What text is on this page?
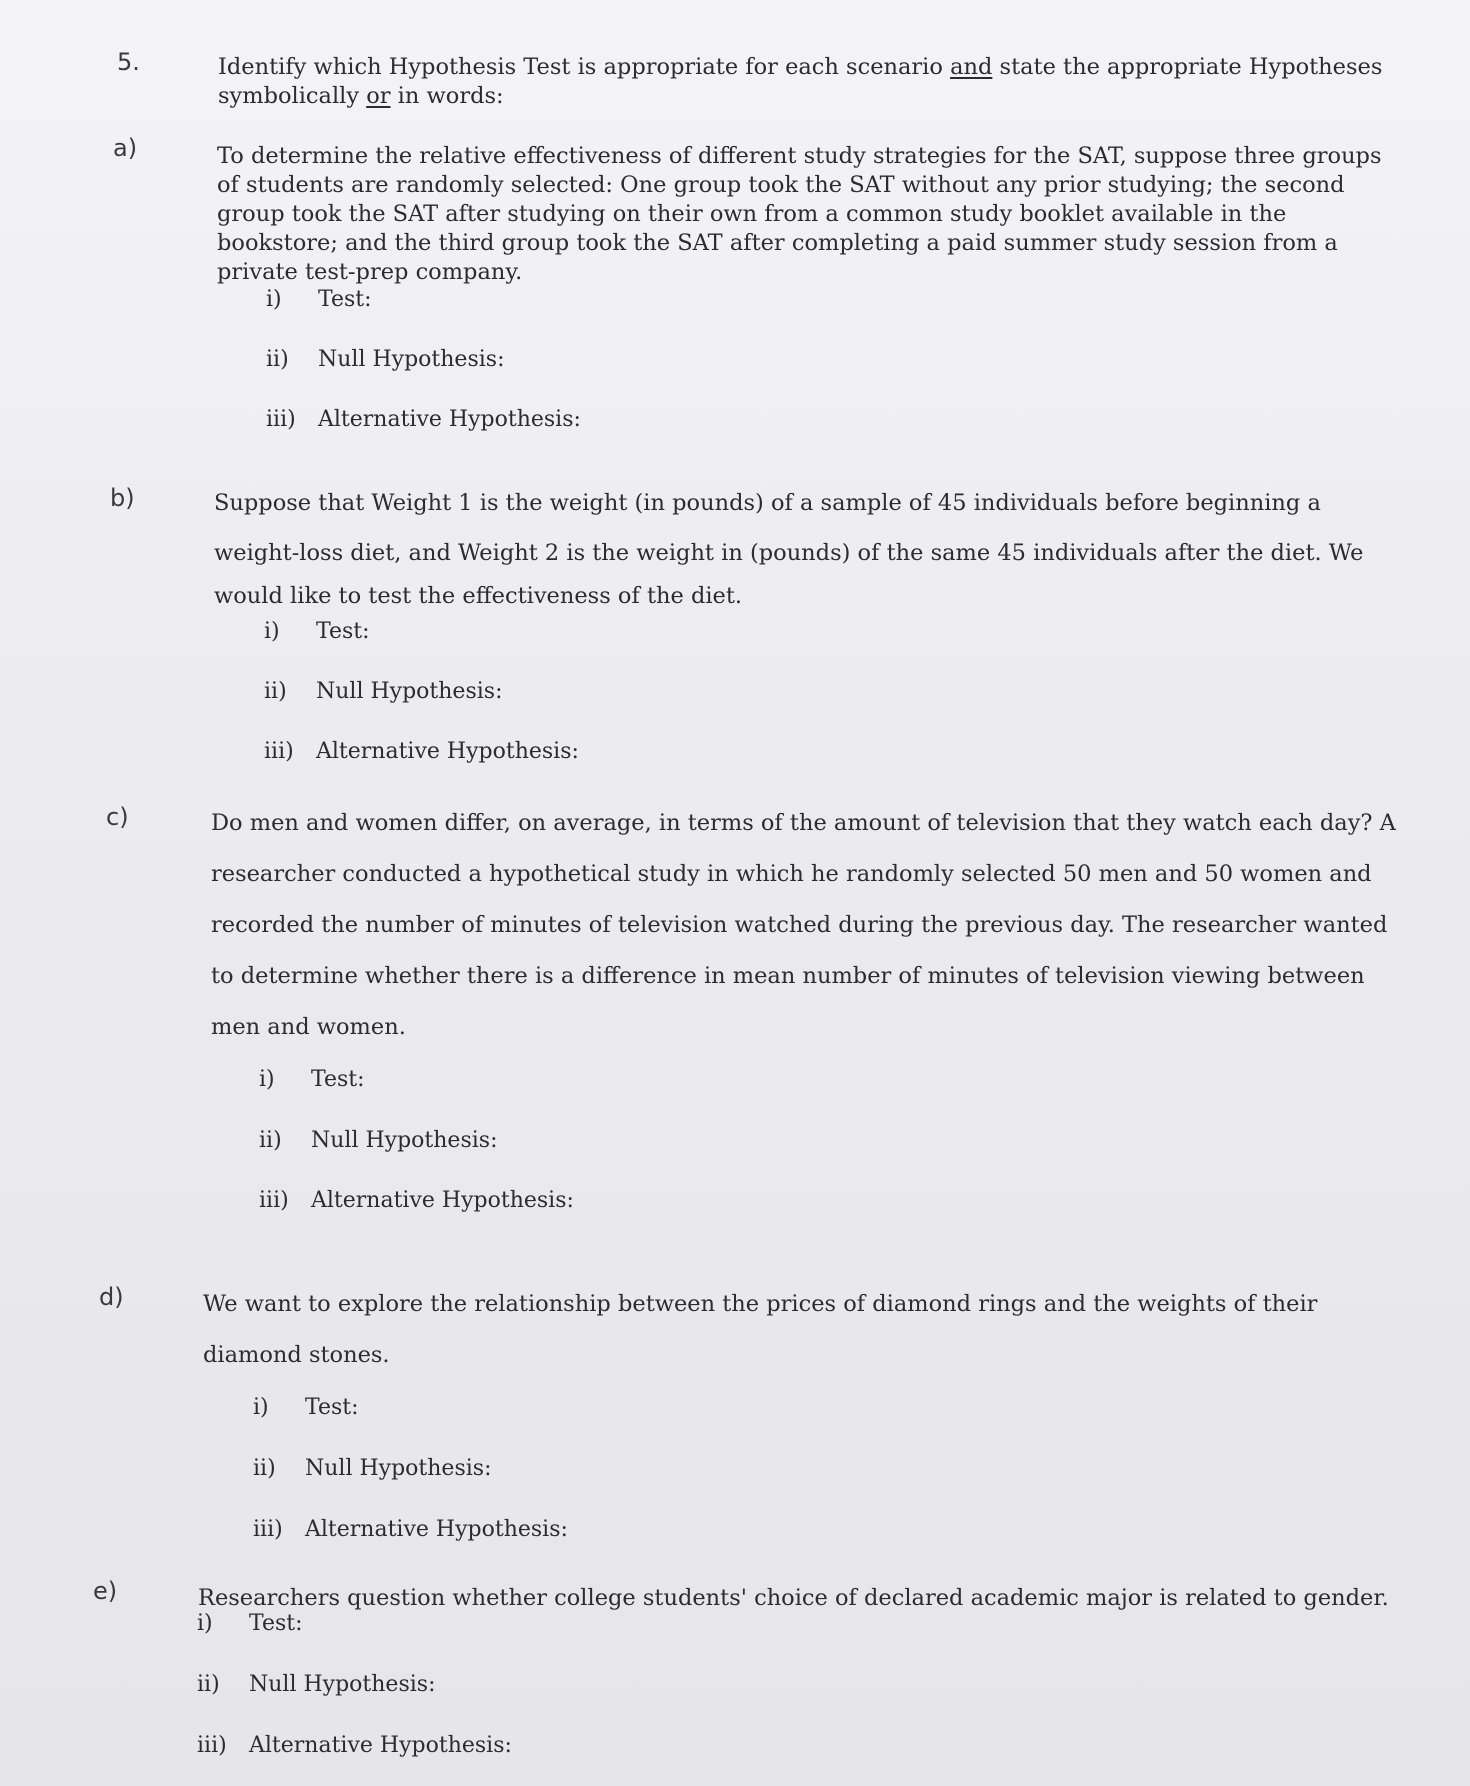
5.	Identify which Hypothesis Test is appropriate for each scenario and state the appropriate Hypotheses
symbolically or in words:
a)	To determine the relative effectiveness of different study strategies for the SAT, suppose three groups
of students are randomly selected: One group took the SAT without any prior studying; the second
group took the SAT after studying on their own from a common study booklet available in the
bookstore; and the third group took the SAT after completing a paid summer study session from a
private test-prep company.
i) Test:
ii) Null Hypothesis:
iii) Alternative Hypothesis:
b)	Suppose that Weight 1 is the weight (in pounds) of a sample of 45 individuals before beginning a
weight-loss diet, and Weight 2 is the weight in (pounds) of the same 45 individuals after the diet. We
would like to test the effectiveness of the diet.
i) Test:
ii) Null Hypothesis:
iii) Alternative Hypothesis:
c)	Do men and women differ, on average, in terms of the amount of television that they watch each day? A
researcher conducted a hypothetical study in which he randomly selected 50 men and 50 women and
recorded the number of minutes of television watched during the previous day. The researcher wanted
to determine whether there is a difference in mean number of minutes of television viewing between
men and women.
i) Test:
ii) Null Hypothesis:
iii) Alternative Hypothesis:
d)	We want to explore the relationship between the prices of diamond rings and the weights of their
diamond stones.
i) Test:
ii) Null Hypothesis:
iii) Alternative Hypothesis:
e)	Researchers question whether college students' choice of declared academic major is related to gender.
i) Test:
ii) Null Hypothesis:
iii) Alternative Hypothesis:
